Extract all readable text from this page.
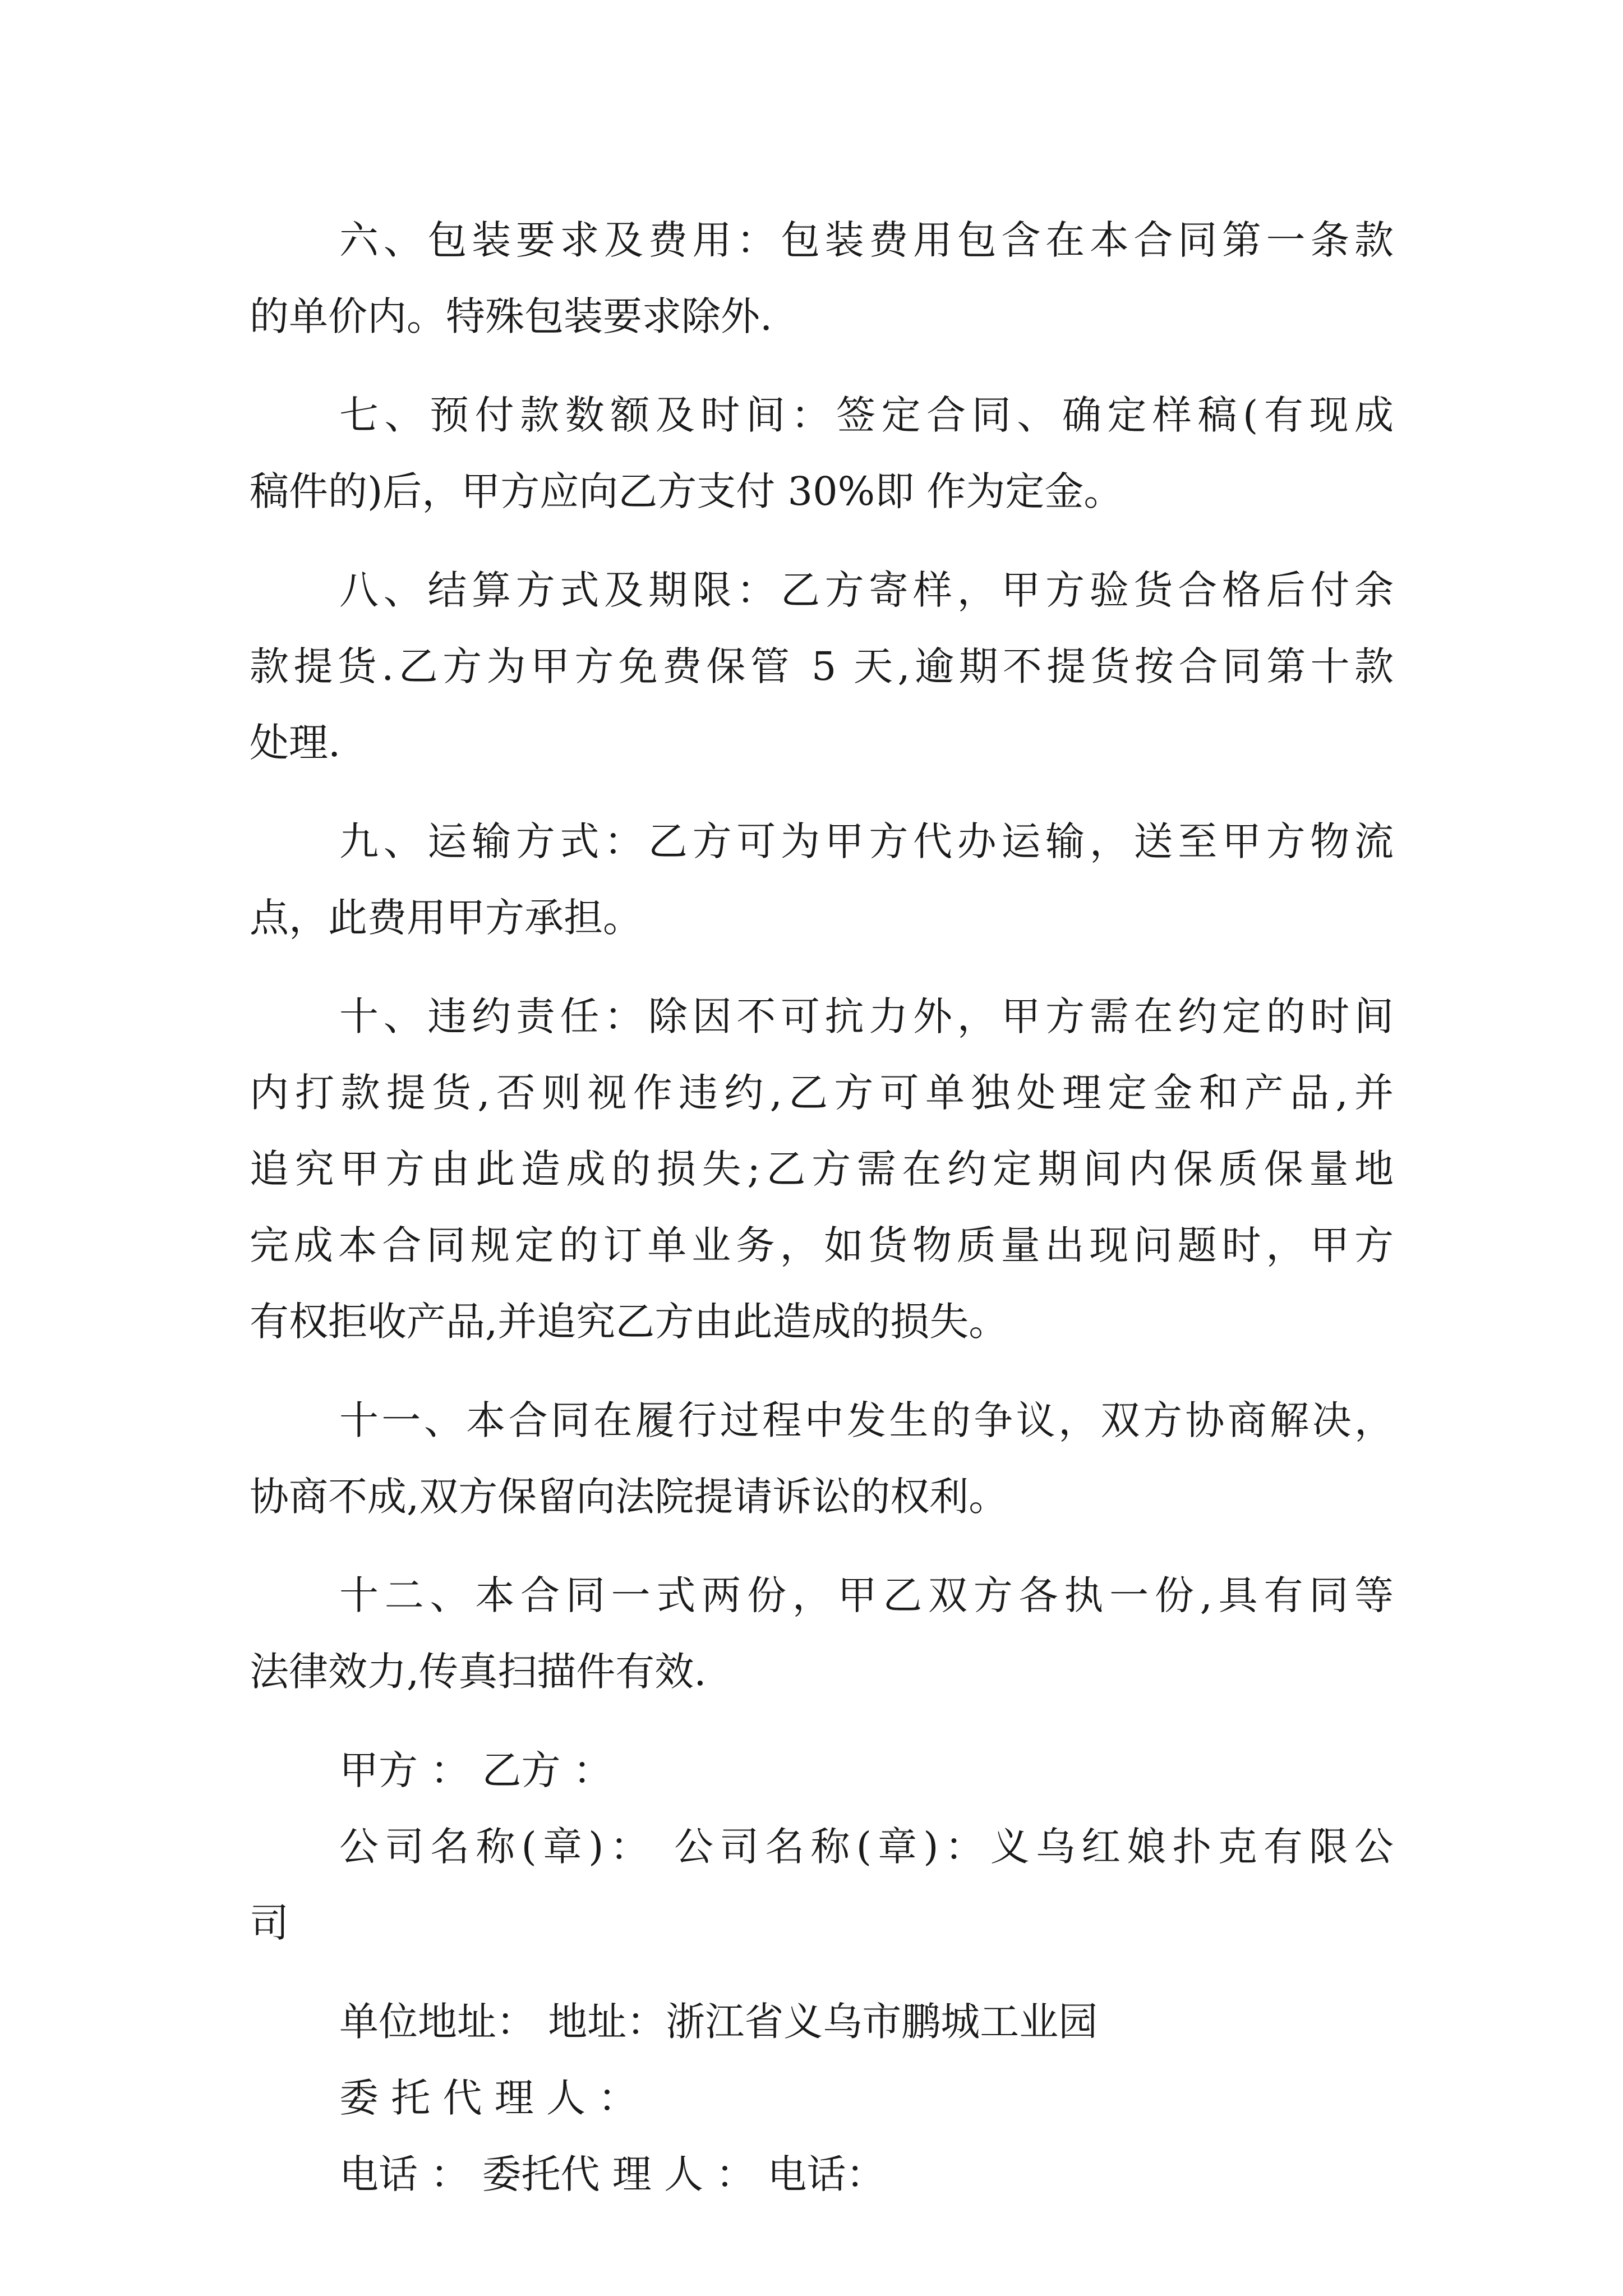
六、包装要求及费用：包装费用包含在本合同第一条款
的单价内。特殊包装要求除外.
七、预付款数额及时间：签定合同、确定样稿(有现成
稿件的)后，甲方应向乙方支付 30%即 作为定金。
八、结算方式及期限：乙方寄样，甲方验货合格后付余
款提货.乙方为甲方免费保管 5 天,逾期不提货按合同第十款
处理.
九、运输方式：乙方可为甲方代办运输，送至甲方物流
点，此费用甲方承担。
十、违约责任：除因不可抗力外，甲方需在约定的时间
内打款提货,否则视作违约,乙方可单独处理定金和产品,并
追究甲方由此造成的损失;乙方需在约定期间内保质保量地
完成本合同规定的订单业务，如货物质量出现问题时，甲方
有权拒收产品,并追究乙方由此造成的损失。
十一、本合同在履行过程中发生的争议，双方协商解决，
协商不成,双方保留向法院提请诉讼的权利。
十二、本合同一式两份，甲乙双方各执一份,具有同等
法律效力,传真扫描件有效.
甲方 ： 乙方 ：
公司名称(章)： 公司名称(章)：义乌红娘扑克有限公
司
单位地址： 地址：浙江省义乌市鹏城工业园
委 托 代 理 人 ：
电话 ： 委托代 理 人 ： 电话：
